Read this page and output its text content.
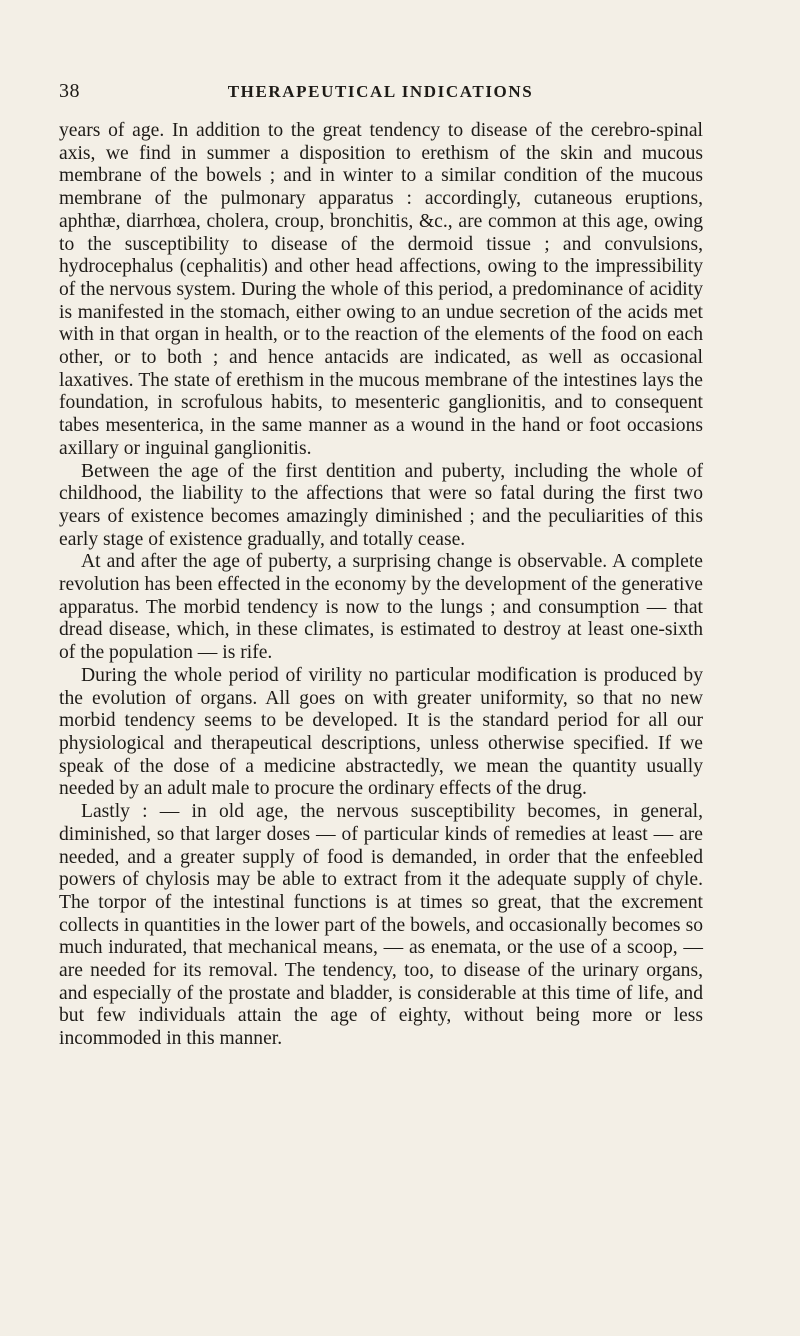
38	THERAPEUTICAL INDICATIONS

years of age. In addition to the great tendency to disease of the cerebro-spinal axis, we find in summer a disposition to erethism of the skin and mucous membrane of the bowels ; and in winter to a similar condition of the mucous membrane of the pulmonary apparatus : accordingly, cutaneous eruptions, aphthæ, diarrhœa, cholera, croup, bronchitis, &c., are common at this age, owing to the susceptibility to disease of the dermoid tissue ; and convulsions, hydrocephalus (cephalitis) and other head affections, owing to the impressibility of the nervous system. During the whole of this period, a predominance of acidity is manifested in the stomach, either owing to an undue secretion of the acids met with in that organ in health, or to the reaction of the elements of the food on each other, or to both ; and hence antacids are indicated, as well as occasional laxatives. The state of erethism in the mucous membrane of the intestines lays the foundation, in scrofulous habits, to mesenteric ganglionitis, and to consequent tabes mesenterica, in the same manner as a wound in the hand or foot occasions axillary or inguinal ganglionitis.

Between the age of the first dentition and puberty, including the whole of childhood, the liability to the affections that were so fatal during the first two years of existence becomes amazingly diminished ; and the peculiarities of this early stage of existence gradually, and totally cease.

At and after the age of puberty, a surprising change is observable. A complete revolution has been effected in the economy by the development of the generative apparatus. The morbid tendency is now to the lungs ; and consumption — that dread disease, which, in these climates, is estimated to destroy at least one-sixth of the population — is rife.

During the whole period of virility no particular modification is produced by the evolution of organs. All goes on with greater uniformity, so that no new morbid tendency seems to be developed. It is the standard period for all our physiological and therapeutical descriptions, unless otherwise specified. If we speak of the dose of a medicine abstractedly, we mean the quantity usually needed by an adult male to procure the ordinary effects of the drug.

Lastly : — in old age, the nervous susceptibility becomes, in general, diminished, so that larger doses — of particular kinds of remedies at least — are needed, and a greater supply of food is demanded, in order that the enfeebled powers of chylosis may be able to extract from it the adequate supply of chyle. The torpor of the intestinal functions is at times so great, that the excrement collects in quantities in the lower part of the bowels, and occasionally becomes so much indurated, that mechanical means, — as enemata, or the use of a scoop, — are needed for its removal. The tendency, too, to disease of the urinary organs, and especially of the prostate and bladder, is considerable at this time of life, and but few individuals attain the age of eighty, without being more or less incommoded in this manner.
